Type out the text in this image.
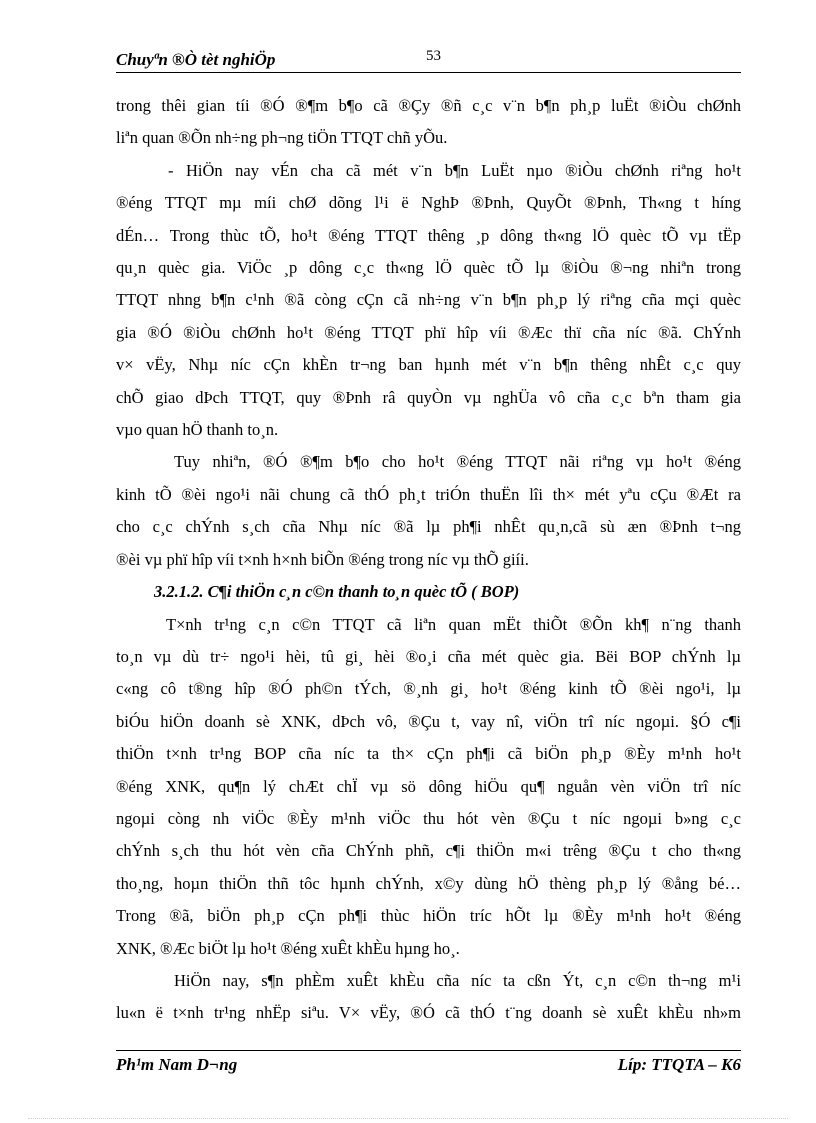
Chuyªn ®Ò tèt nghiÖp	53
trong thêi gian tíi ®Ó ®¶m b¶o cã ®Çy ®ñ c¸c v¨n b¶n ph¸p luËt ®iÒu chØnh
liªn quan ®Õn nh÷ng ph¬ng tiÖn TTQT chñ yÕu.
- HiÖn nay vÉn cha cã mét v¨n b¶n LuËt nµo ®iÒu chØnh riªng ho¹t
®éng TTQT mµ míi chØ dõng l¹i ë NghÞ ®Þnh, QuyÕt ®Þnh, Th«ng t híng
dÉn… Trong thùc tÕ, ho¹t ®éng TTQT thêng ¸p dông th«ng lÖ quèc tÕ vµ tËp
qu¸n quèc gia. ViÖc ¸p dông c¸c th«ng lÖ quèc tÕ lµ ®iÒu ®¬ng nhiªn trong
TTQT nhng b¶n c¹nh ®ã còng cÇn cã nh÷ng v¨n b¶n ph¸p lý riªng cña mçi quèc
gia ®Ó ®iÒu chØnh ho¹t ®éng TTQT phï hîp víi ®Æc thï cña níc ®ã. ChÝnh
v× vËy, Nhµ níc cÇn khÈn tr¬ng ban hµnh mét v¨n b¶n thêng nhÊt c¸c quy
chÕ giao dÞch TTQT, quy ®Þnh râ quyÒn vµ nghÜa vô cña c¸c bªn tham gia
vµo quan hÖ thanh to¸n.
Tuy nhiªn, ®Ó ®¶m b¶o cho ho¹t ®éng TTQT nãi riªng vµ ho¹t ®éng
kinh tÕ ®èi ngo¹i nãi chung cã thÓ ph¸t triÓn thuËn lîi th× mét yªu cÇu ®Æt ra
cho c¸c chÝnh s¸ch cña Nhµ níc ®ã lµ ph¶i nhÊt qu¸n,cã sù æn ®Þnh t¬ng
®èi vµ phï hîp víi t×nh h×nh biÕn ®éng trong níc vµ thÕ giíi.
3.2.1.2. C¶i thiÖn c¸n c©n thanh to¸n quèc tÕ ( BOP)
T×nh tr¹ng c¸n c©n TTQT cã liªn quan mËt thiÕt ®Õn kh¶ n¨ng thanh
to¸n vµ dù tr÷ ngo¹i hèi, tû gi¸ hèi ®o¸i cña mét quèc gia. Bëi BOP chÝnh lµ
c«ng cô t®ng hîp ®Ó ph©n tÝch, ®¸nh gi¸ ho¹t ®éng kinh tÕ ®èi ngo¹i, lµ
biÓu hiÖn doanh sè XNK, dÞch vô, ®Çu t, vay nî, viÖn trî níc ngoµi. §Ó c¶i
thiÖn t×nh tr¹ng BOP cña níc ta th× cÇn ph¶i cã biÖn ph¸p ®Èy m¹nh ho¹t
®éng XNK, qu¶n lý chÆt chÏ vµ sö dông hiÖu qu¶ nguån vèn viÖn trî níc
ngoµi còng nh viÖc ®Èy m¹nh viÖc thu hót vèn ®Çu t níc ngoµi b»ng c¸c
chÝnh s¸ch thu hót vèn cña ChÝnh phñ, c¶i thiÖn m«i trêng ®Çu t cho th«ng
tho¸ng, hoµn thiÖn thñ tôc hµnh chÝnh, x©y dùng hÖ thèng ph¸p lý ®ång bé…
Trong ®ã, biÖn ph¸p cÇn ph¶i thùc hiÖn tríc hÕt lµ ®Èy m¹nh ho¹t ®éng
XNK, ®Æc biÖt lµ ho¹t ®éng xuÊt khÈu hµng ho¸.
HiÖn nay, s¶n phÈm xuÊt khÈu cña níc ta cßn Ýt, c¸n c©n th¬ng m¹i
lu«n ë t×nh tr¹ng nhËp siªu. V× vËy, ®Ó cã thÓ t¨ng doanh sè xuÊt khÈu nh»m
Ph¹m Nam D¬ng	Líp: TTQTA – K6
